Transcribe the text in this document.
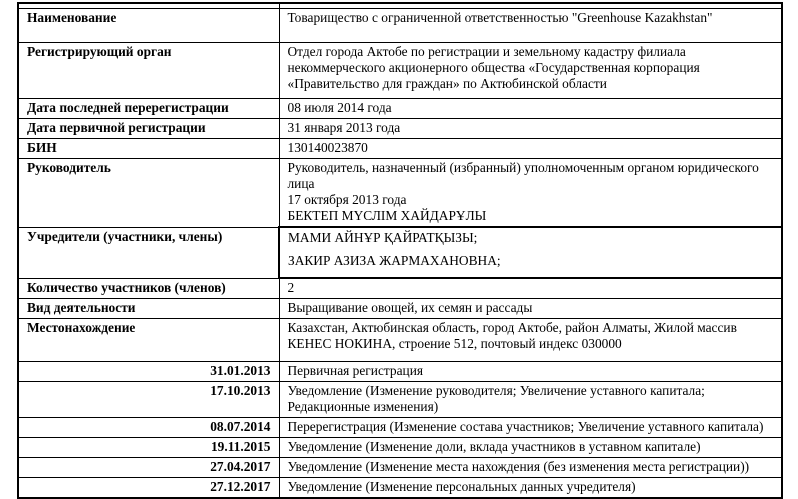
Наименование	Товарищество с ограниченной ответственностью "Greenhouse Kazakhstan"

Регистрирующий орган	Отдел города Актобе по регистрации и земельному кадастру филиала некоммерческого акционерного общества «Государственная корпорация «Правительство для граждан» по Актюбинской области

Дата последней перерегистрации	08 июля 2014 года

Дата первичной регистрации	31 января 2013 года

БИН	130140023870

Руководитель	Руководитель, назначенный (избранный) уполномоченным органом юридического лица
17 октября 2013 года
БЕКТЕП МҮСЛІМ ХАЙДАРҰЛЫ

Учредители (участники, члены)	МАМИ АЙНҰР ҚАЙРАТҚЫЗЫ;
ЗАКИР АЗИЗА ЖАРМАХАНОВНА;

Количество участников (членов)	2

Вид деятельности	Выращивание овощей, их семян и рассады

Местонахождение	Казахстан, Актюбинская область, город Актобе, район Алматы, Жилой массив КЕНЕС НОКИНА, строение 512, почтовый индекс 030000

31.01.2013	Первичная регистрация
17.10.2013	Уведомление (Изменение руководителя; Увеличение уставного капитала; Редакционные изменения)
08.07.2014	Перерегистрация (Изменение состава участников; Увеличение уставного капитала)
19.11.2015	Уведомление (Изменение доли, вклада участников в уставном капитале)
27.04.2017	Уведомление (Изменение места нахождения (без изменения места регистрации))
27.12.2017	Уведомление (Изменение персональных данных учредителя)
